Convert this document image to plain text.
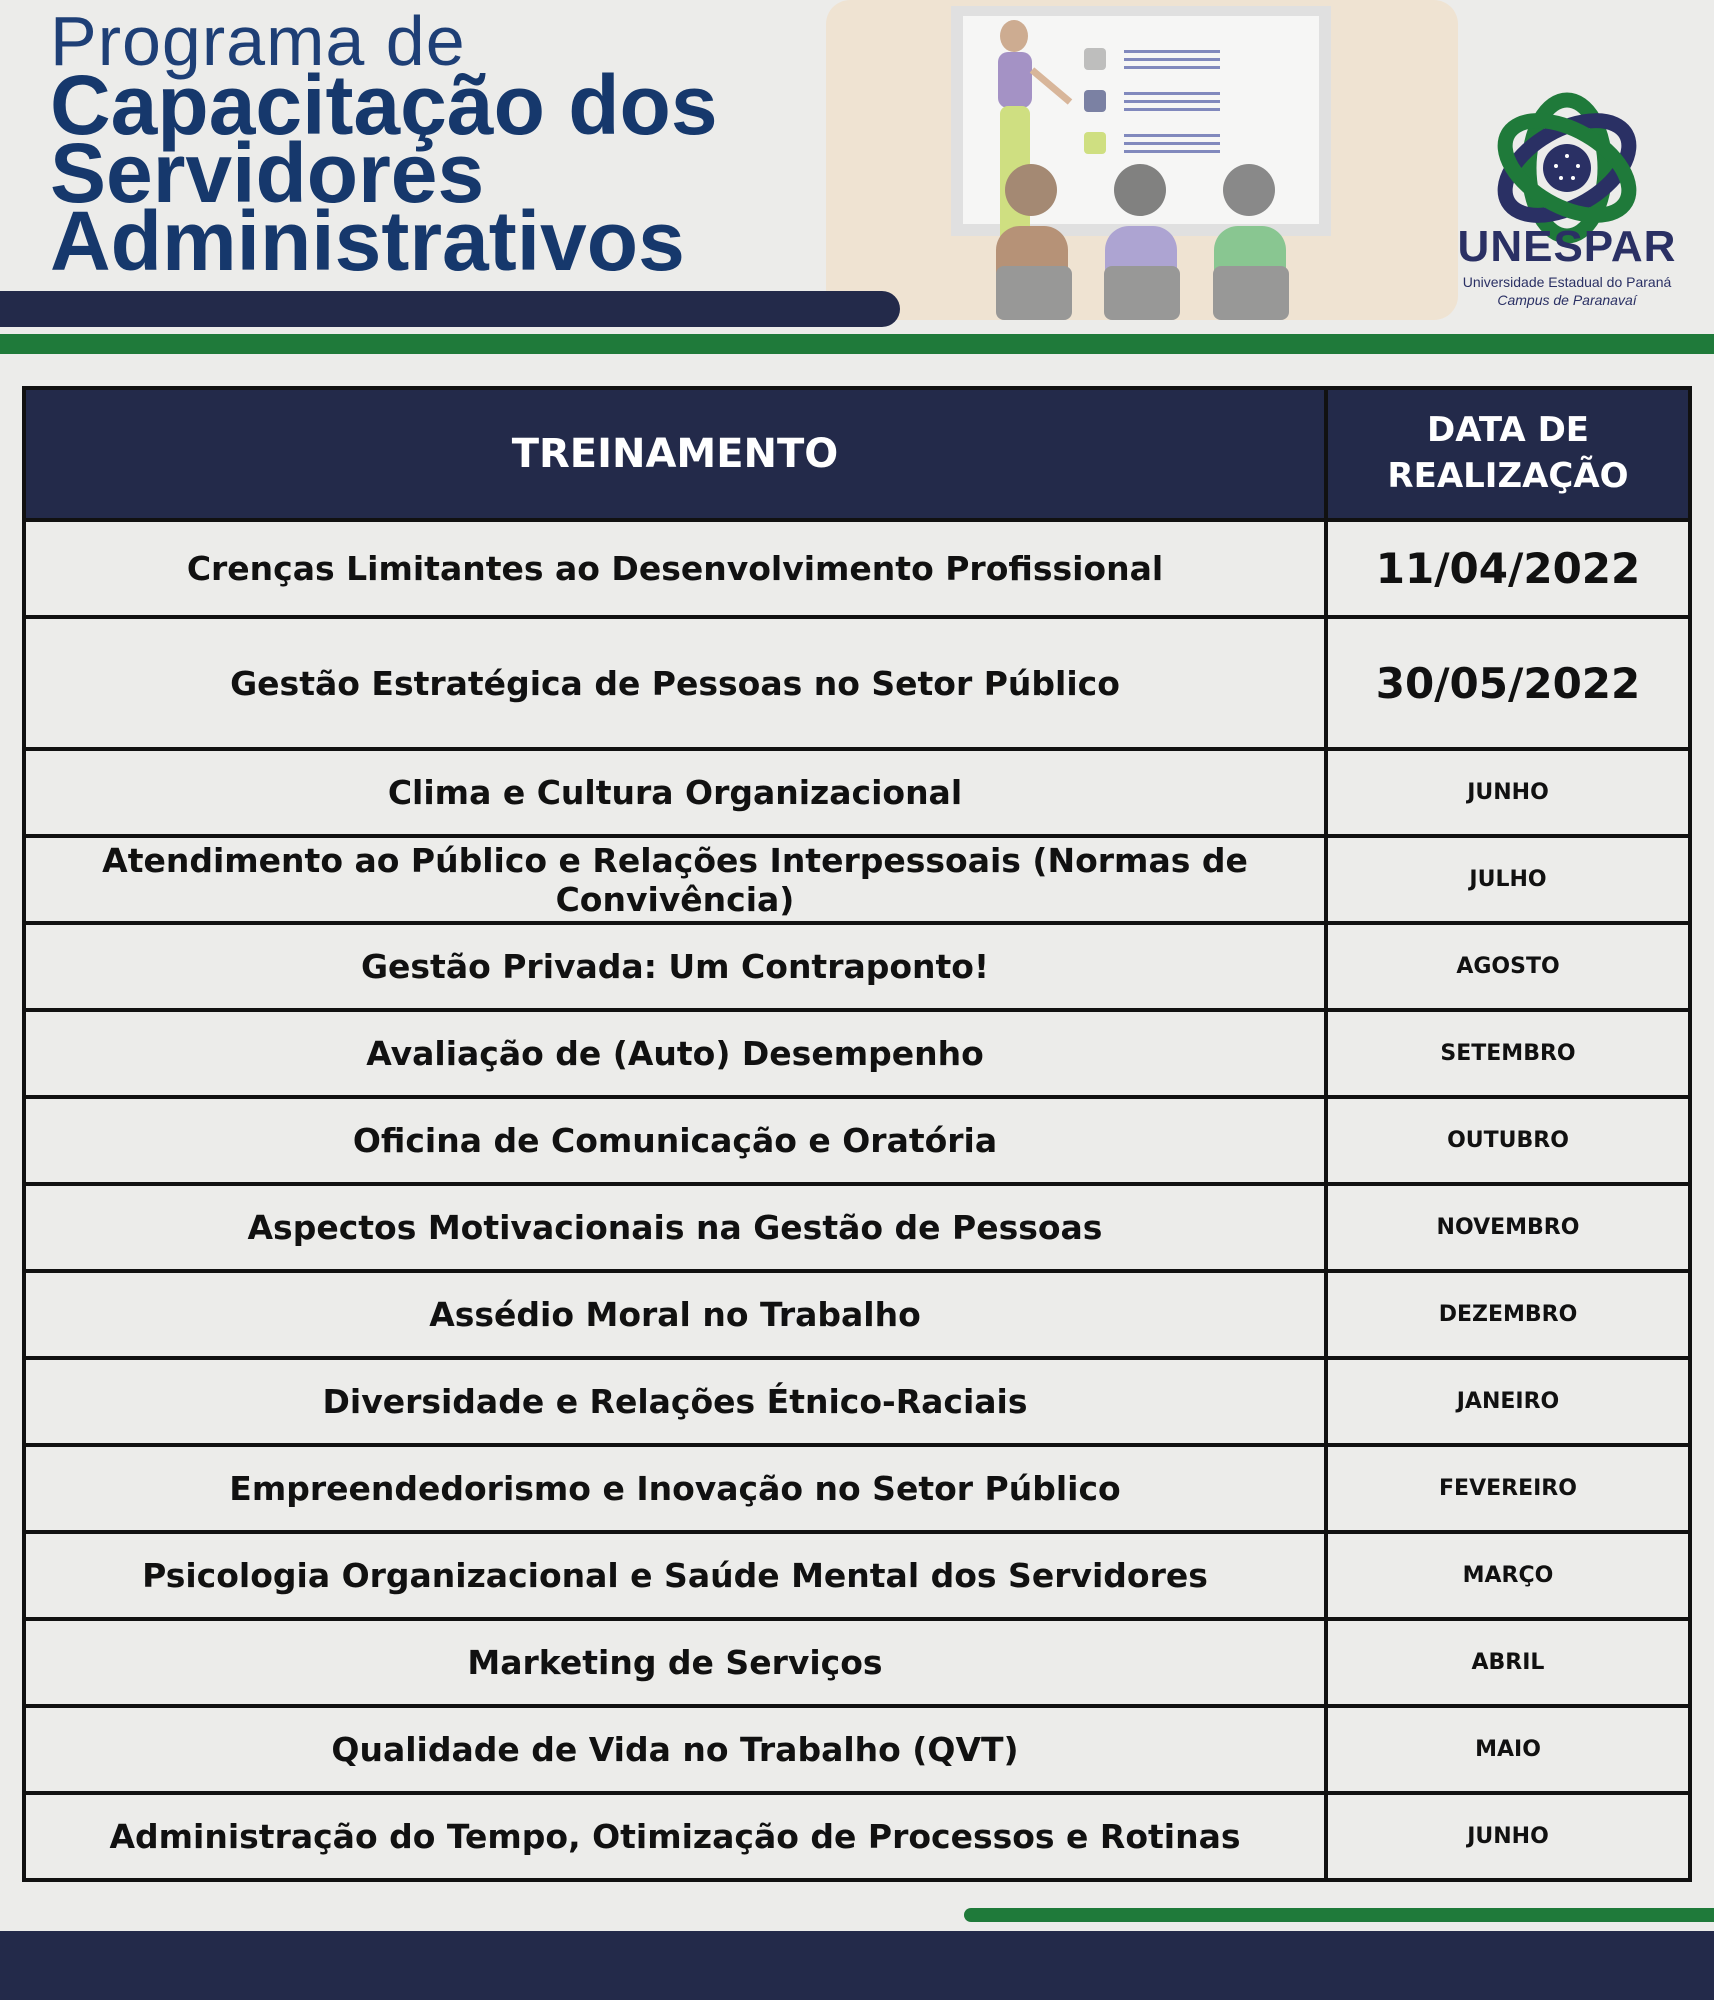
Programa de
Capacitação dos
Servidores
Administrativos	UNESPAR
Universidade Estadual do Paraná
Campus de Paranavaí
TREINAMENTO	DATA DE
REALIZAÇÃO
Crenças Limitantes ao Desenvolvimento Profissional	11/04/2022
Gestão Estratégica de Pessoas no Setor Público	30/05/2022
Clima e Cultura Organizacional	JUNHO
Atendimento ao Público e Relações Interpessoais (Normas de Convivência)	JULHO
Gestão Privada: Um Contraponto!	AGOSTO
Avaliação de (Auto) Desempenho	SETEMBRO
Oficina de Comunicação e Oratória	OUTUBRO
Aspectos Motivacionais na Gestão de Pessoas	NOVEMBRO
Assédio Moral no Trabalho	DEZEMBRO
Diversidade e Relações Étnico-Raciais	JANEIRO
Empreendedorismo e Inovação no Setor Público	FEVEREIRO
Psicologia Organizacional e Saúde Mental dos Servidores	MARÇO
Marketing de Serviços	ABRIL
Qualidade de Vida no Trabalho (QVT)	MAIO
Administração do Tempo, Otimização de Processos e Rotinas	JUNHO
